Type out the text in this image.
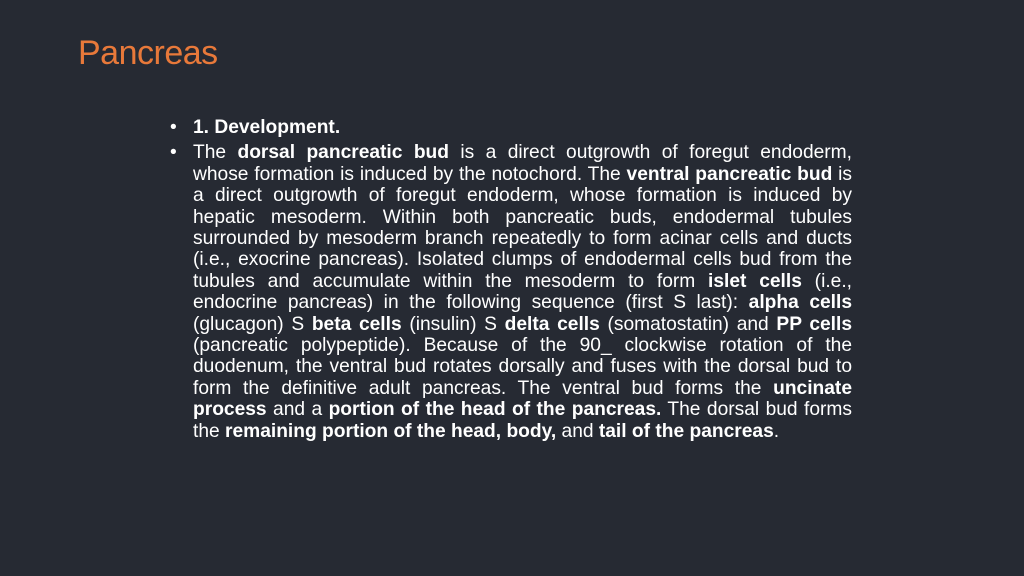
Pancreas
• 1. Development.
• The dorsal pancreatic bud is a direct outgrowth of foregut endoderm, whose formation is induced by the notochord. The ventral pancreatic bud is a direct outgrowth of foregut endoderm, whose formation is induced by hepatic mesoderm. Within both pancreatic buds, endodermal tubules surrounded by mesoderm branch repeatedly to form acinar cells and ducts (i.e., exocrine pancreas). Isolated clumps of endodermal cells bud from the tubules and accumulate within the mesoderm to form islet cells (i.e., endocrine pancreas) in the following sequence (first S last): alpha cells (glucagon) S beta cells (insulin) S delta cells (somatostatin) and PP cells (pancreatic polypeptide). Because of the 90_ clockwise rotation of the duodenum, the ventral bud rotates dorsally and fuses with the dorsal bud to form the definitive adult pancreas. The ventral bud forms the uncinate process and a portion of the head of the pancreas. The dorsal bud forms the remaining portion of the head, body, and tail of the pancreas.
